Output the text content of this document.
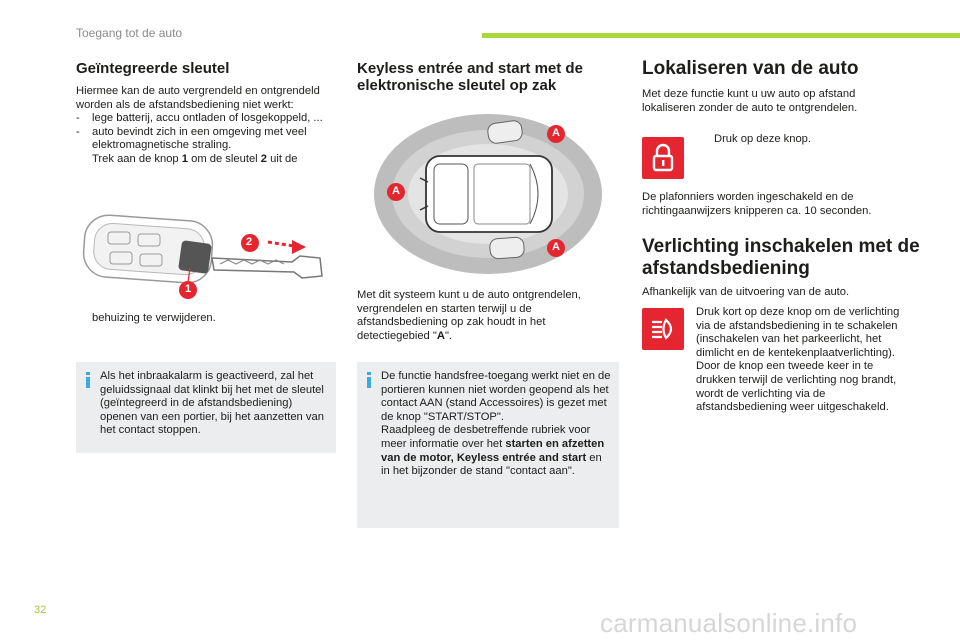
Toegang tot de auto
Geïntegreerde sleutel

Hiermee kan de auto vergrendeld en ontgrendeld worden als de afstandsbediening niet werkt:

- lege batterij, accu ontladen of losgekoppeld, ...
- auto bevindt zich in een omgeving met veel elektromagnetische straling.
Trek aan de knop 1 om de sleutel 2 uit de
2
1
behuizing te verwijderen.

Als het inbraakalarm is geactiveerd, zal het geluidssignaal dat klinkt bij het met de sleutel (geïntegreerd in de afstandsbediening) openen van een portier, bij het aanzetten van het contact stoppen.

Keyless entrée and start met de elektronische sleutel op zak
A
A
A
Met dit systeem kunt u de auto ontgrendelen, vergrendelen en starten terwijl u de afstandsbediening op zak houdt in het detectiegebied "A".

De functie handsfree-toegang werkt niet en de portieren kunnen niet worden geopend als het contact AAN (stand Accessoires) is gezet met de knop "START/STOP".

Raadpleeg de desbetreffende rubriek voor meer informatie over het starten en afzetten van de motor, Keyless entrée and start en in het bijzonder de stand "contact aan".

Lokaliseren van de auto
Met deze functie kunt u uw auto op afstand lokaliseren zonder de auto te ontgrendelen.
Druk op deze knop.
De plafonniers worden ingeschakeld en de richtingaanwijzers knipperen ca. 10 seconden.
Verlichting inschakelen met de afstandsbediening
Afhankelijk van de uitvoering van de auto.

Druk kort op deze knop om de verlichting via de afstandsbediening in te schakelen (inschakelen van het parkeerlicht, het dimlicht en de kentekenplaatverlichting).

Door de knop een tweede keer in te drukken terwijl de verlichting nog brandt, wordt de verlichting via de afstandsbediening weer uitgeschakeld.

32	carmanualsonline.info
